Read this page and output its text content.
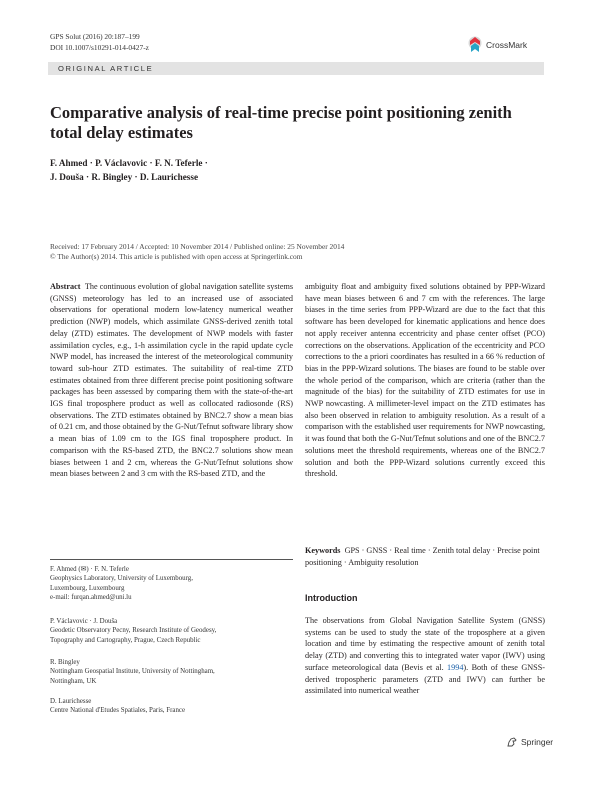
GPS Solut (2016) 20:187–199
DOI 10.1007/s10291-014-0427-z	CrossMark
ORIGINAL ARTICLE
Comparative analysis of real-time precise point positioning zenith total delay estimates
F. Ahmed · P. Václavovic · F. N. Teferle ·
J. Douša · R. Bingley · D. Laurichesse
Received: 17 February 2014 / Accepted: 10 November 2014 / Published online: 25 November 2014
© The Author(s) 2014. This article is published with open access at Springerlink.com
Abstract The continuous evolution of global navigation satellite systems (GNSS) meteorology has led to an increased use of associated observations for operational modern low-latency numerical weather prediction (NWP) models, which assimilate GNSS-derived zenith total delay (ZTD) estimates. The development of NWP models with faster assimilation cycles, e.g., 1-h assimilation cycle in the rapid update cycle NWP model, has increased the interest of the meteorological community toward sub-hour ZTD estimates. The suitability of real-time ZTD estimates obtained from three different precise point positioning software packages has been assessed by comparing them with the state-of-the-art IGS final troposphere product as well as collocated radiosonde (RS) observations. The ZTD estimates obtained by BNC2.7 show a mean bias of 0.21 cm, and those obtained by the G-Nut/Tefnut software library show a mean bias of 1.09 cm to the IGS final troposphere product. In comparison with the RS-based ZTD, the BNC2.7 solutions show mean biases between 1 and 2 cm, whereas the G-Nut/Tefnut solutions show mean biases between 2 and 3 cm with the RS-based ZTD, and the
ambiguity float and ambiguity fixed solutions obtained by PPP-Wizard have mean biases between 6 and 7 cm with the references. The large biases in the time series from PPP-Wizard are due to the fact that this software has been developed for kinematic applications and hence does not apply receiver antenna eccentricity and phase center offset (PCO) corrections on the observations. Application of the eccentricity and PCO corrections to the a priori coordinates has resulted in a 66 % reduction of bias in the PPP-Wizard solutions. The biases are found to be stable over the whole period of the comparison, which are criteria (rather than the magnitude of the bias) for the suitability of ZTD estimates for use in NWP nowcasting. A millimeter-level impact on the ZTD estimates has also been observed in relation to ambiguity resolution. As a result of a comparison with the established user requirements for NWP nowcasting, it was found that both the G-Nut/Tefnut solutions and one of the BNC2.7 solutions meet the threshold requirements, whereas one of the BNC2.7 solution and both the PPP-Wizard solutions currently exceed this threshold.
Keywords GPS · GNSS · Real time · Zenith total delay · Precise point positioning · Ambiguity resolution
F. Ahmed (✉) · F. N. Teferle
Geophysics Laboratory, University of Luxembourg,
Luxembourg, Luxembourg
e-mail: furqan.ahmed@uni.lu
P. Václavovic · J. Douša
Geodetic Observatory Pecny, Research Institute of Geodesy,
Topography and Cartography, Prague, Czech Republic
R. Bingley
Nottingham Geospatial Institute, University of Nottingham,
Nottingham, UK
D. Laurichesse
Centre National d'Etudes Spatiales, Paris, France
Introduction
The observations from Global Navigation Satellite System (GNSS) systems can be used to study the state of the troposphere at a given location and time by estimating the respective amount of zenith total delay (ZTD) and converting this to integrated water vapor (IWV) using surface meteorological data (Bevis et al. 1994). Both of these GNSS-derived tropospheric parameters (ZTD and IWV) can further be assimilated into numerical weather
Springer
